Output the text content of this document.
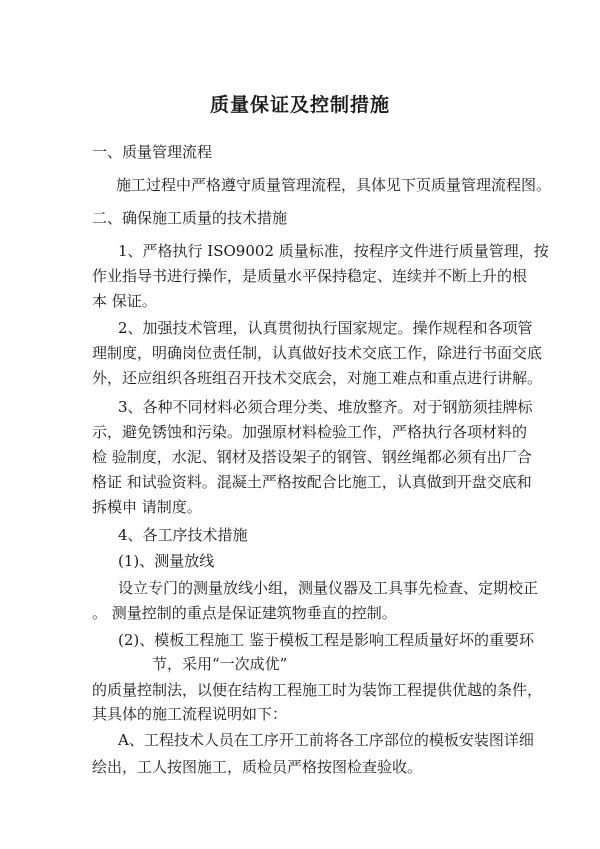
质量保证及控制措施
一、质量管理流程
施工过程中严格遵守质量管理流程，具体见下页质量管理流程图。
二、确保施工质量的技术措施
1、严格执行 ISO9002 质量标准，按程序文件进行质量管理，按
作业指导书进行操作，是质量水平保持稳定、连续并不断上升的根
本 保证。
2、加强技术管理，认真贯彻执行国家规定。操作规程和各项管
理制度，明确岗位责任制，认真做好技术交底工作，除进行书面交底
外，还应组织各班组召开技术交底会，对施工难点和重点进行讲解。
3、各种不同材料必须合理分类、堆放整齐。对于钢筋须挂牌标
示，避免锈蚀和污染。加强原材料检验工作，严格执行各项材料的
检 验制度，水泥、钢材及搭设架子的钢管、钢丝绳都必须有出厂合
格证 和试验资料。混凝土严格按配合比施工，认真做到开盘交底和
拆模申 请制度。
4、各工序技术措施
(1)、测量放线
设立专门的测量放线小组，测量仪器及工具事先检查、定期校正
。 测量控制的重点是保证建筑物垂直的控制。
(2)、模板工程施工 鉴于模板工程是影响工程质量好坏的重要环
节，采用“一次成优”
的质量控制法，以便在结构工程施工时为装饰工程提供优越的条件，
其具体的施工流程说明如下：
A、工程技术人员在工序开工前将各工序部位的模板安装图详细
绘出，工人按图施工，质检员严格按图检查验收。
